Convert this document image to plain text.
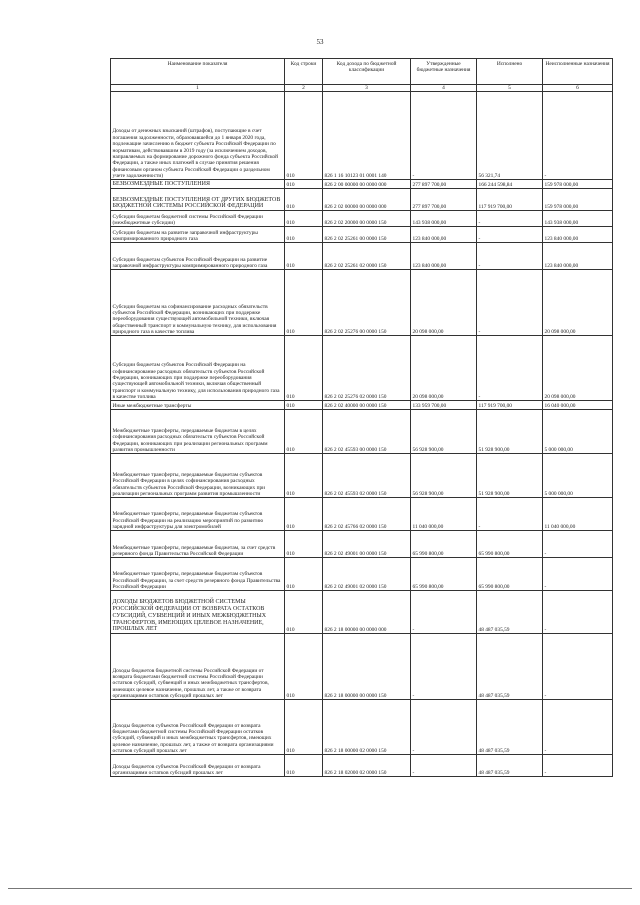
53
Наименование показателя	Код строки	Код дохода по бюджетной классификации	Утвержденные бюджетные назначения	Исполнено	Неисполненные назначения
1	2	3	4	5	6
Доходы от денежных взысканий (штрафов), поступающие в счет погашения задолженности, образовавшейся до 1 января 2020 года, подлежащие зачислению в бюджет субъекта Российской Федерации по нормативам, действовавшим в 2019 году (за исключением доходов, направляемых на формирование дорожного фонда субъекта Российской Федерации, а также иных платежей в случае принятия решения финансовым органом субъекта Российской Федерации о раздельном учете задолженности)	010	826 1 16 10123 01 0001 140	-	56 321,74	-
БЕЗВОЗМЕЗДНЫЕ ПОСТУПЛЕНИЯ	010	826 2 00 00000 00 0000 000	277 897 700,00	166 244 598,84	159 978 000,00
БЕЗВОЗМЕЗДНЫЕ ПОСТУПЛЕНИЯ ОТ ДРУГИХ БЮДЖЕТОВ БЮДЖЕТНОЙ СИСТЕМЫ РОССИЙСКОЙ ФЕДЕРАЦИИ	010	826 2 02 00000 00 0000 000	277 897 700,00	117 919 700,00	159 978 000,00
Субсидии бюджетам бюджетной системы Российской Федерации (межбюджетные субсидии)	010	826 2 02 20000 00 0000 150	143 938 000,00	-	143 938 000,00
Субсидии бюджетам на развитие заправочной инфраструктуры компримированного природного газа	010	826 2 02 25261 00 0000 150	123 840 000,00	-	123 840 000,00
Субсидии бюджетам субъектов Российской Федерации на развитие заправочной инфраструктуры компримированного природного газа	010	826 2 02 25261 02 0000 150	123 840 000,00	-	123 840 000,00
Субсидии бюджетам на софинансирование расходных обязательств субъектов Российской Федерации, возникающих при поддержке переоборудования существующей автомобильной техники, включая общественный транспорт и коммунальную технику, для использования природного газа в качестве топлива	010	826 2 02 25276 00 0000 150	20 098 000,00	-	20 098 000,00
Субсидии бюджетам субъектов Российской Федерации на софинансирование расходных обязательств субъектов Российской Федерации, возникающих при поддержке переоборудования существующей автомобильной техники, включая общественный транспорт и коммунальную технику, для использования природного газа в качестве топлива	010	826 2 02 25276 02 0000 150	20 098 000,00	-	20 098 000,00
Иные межбюджетные трансферты	010	826 2 02 40000 00 0000 150	133 959 700,00	117 919 700,00	16 040 000,00
Межбюджетные трансферты, передаваемые бюджетам в целях софинансирования расходных обязательств субъектов Российской Федерации, возникающих при реализации региональных программ развития промышленности	010	826 2 02 45593 00 0000 150	56 928 900,00	51 928 900,00	5 000 000,00
Межбюджетные трансферты, передаваемые бюджетам субъектов Российской Федерации в целях софинансирования расходных обязательств субъектов Российской Федерации, возникающих при реализации региональных программ развития промышленности	010	826 2 02 45593 02 0000 150	56 928 900,00	51 928 900,00	5 000 000,00
Межбюджетные трансферты, передаваемые бюджетам субъектов Российской Федерации на реализацию мероприятий по развитию зарядной инфраструктуры для электромобилей	010	826 2 02 45766 02 0000 150	11 040 000,00	-	11 040 000,00
Межбюджетные трансферты, передаваемые бюджетам, за счет средств резервного фонда Правительства Российской Федерации	010	826 2 02 49001 00 0000 150	65 990 800,00	65 990 800,00	-
Межбюджетные трансферты, передаваемые бюджетам субъектов Российской Федерации, за счет средств резервного фонда Правительства Российской Федерации	010	826 2 02 49001 02 0000 150	65 990 800,00	65 990 800,00	-
ДОХОДЫ БЮДЖЕТОВ БЮДЖЕТНОЙ СИСТЕМЫ РОССИЙСКОЙ ФЕДЕРАЦИИ ОТ ВОЗВРАТА ОСТАТКОВ СУБСИДИЙ, СУБВЕНЦИЙ И ИНЫХ МЕЖБЮДЖЕТНЫХ ТРАНСФЕРТОВ, ИМЕЮЩИХ ЦЕЛЕВОЕ НАЗНАЧЕНИЕ, ПРОШЛЫХ ЛЕТ	010	826 2 18 00000 00 0000 000	-	48 487 035,59	-
Доходы бюджетов бюджетной системы Российской Федерации от возврата бюджетами бюджетной системы Российской Федерации остатков субсидий, субвенций и иных межбюджетных трансфертов, имеющих целевое назначение, прошлых лет, а также от возврата организациями остатков субсидий прошлых лет	010	826 2 18 00000 00 0000 150	-	48 487 035,59	-
Доходы бюджетов субъектов Российской Федерации от возврата бюджетами бюджетной системы Российской Федерации остатков субсидий, субвенций и иных межбюджетных трансфертов, имеющих целевое назначение, прошлых лет, а также от возврата организациями остатков субсидий прошлых лет	010	826 2 18 00000 02 0000 150	-	48 487 035,59	-
Доходы бюджетов субъектов Российской Федерации от возврата организациями остатков субсидий прошлых лет	010	826 2 18 02000 02 0000 150	-	48 487 035,59	-
